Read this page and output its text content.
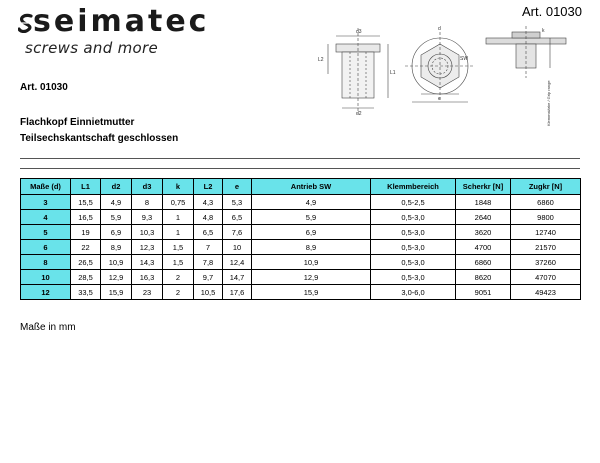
seimatec
screws and more
Art. 01030
d3
L2
L1
d2
d
SW
e
k
Klemmstärke / Grip range
Art. 01030
Flachkopf Einnietmutter
Teilsechskantschaft geschlossen
Maße (d)	L1	d2	d3	k	L2	e	Antrieb SW	Klemmbereich	Scherkr [N]	Zugkr [N]
3	15,5	4,9	8	0,75	4,3	5,3	4,9	0,5-2,5	1848	6860
4	16,5	5,9	9,3	1	4,8	6,5	5,9	0,5-3,0	2640	9800
5	19	6,9	10,3	1	6,5	7,6	6,9	0,5-3,0	3620	12740
6	22	8,9	12,3	1,5	7	10	8,9	0,5-3,0	4700	21570
8	26,5	10,9	14,3	1,5	7,8	12,4	10,9	0,5-3,0	6860	37260
10	28,5	12,9	16,3	2	9,7	14,7	12,9	0,5-3,0	8620	47070
12	33,5	15,9	23	2	10,5	17,6	15,9	3,0-6,0	9051	49423
Maße in mm
